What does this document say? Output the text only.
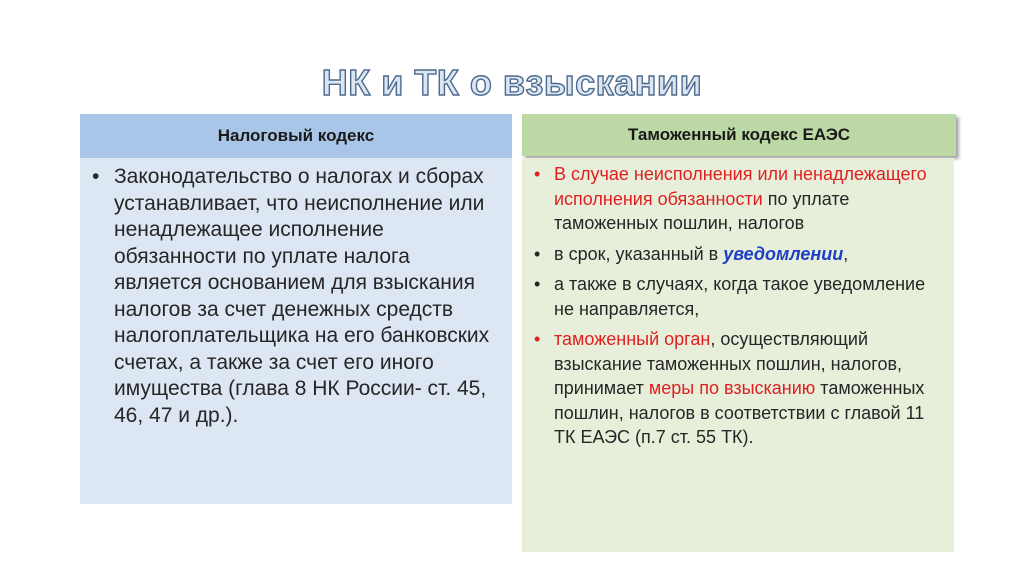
НК и ТК о взыскании
Налоговый кодекс
• Законодательство о налогах и сборах устанавливает, что неисполнение или ненадлежащее исполнение обязанности по уплате налога является основанием для взыскания налогов за счет денежных средств налогоплательщика на его банковских счетах, а также за счет его иного имущества (глава 8 НК России- ст. 45, 46, 47 и др.).
Таможенный кодекс ЕАЭС
• В случае неисполнения или ненадлежащего исполнения обязанности по уплате таможенных пошлин, налогов
• в срок, указанный в уведомлении,
• а также в случаях, когда такое уведомление не направляется,
• таможенный орган, осуществляющий взыскание таможенных пошлин, налогов, принимает меры по взысканию таможенных пошлин, налогов в соответствии с главой 11 ТК ЕАЭС (п.7 ст. 55 ТК).
